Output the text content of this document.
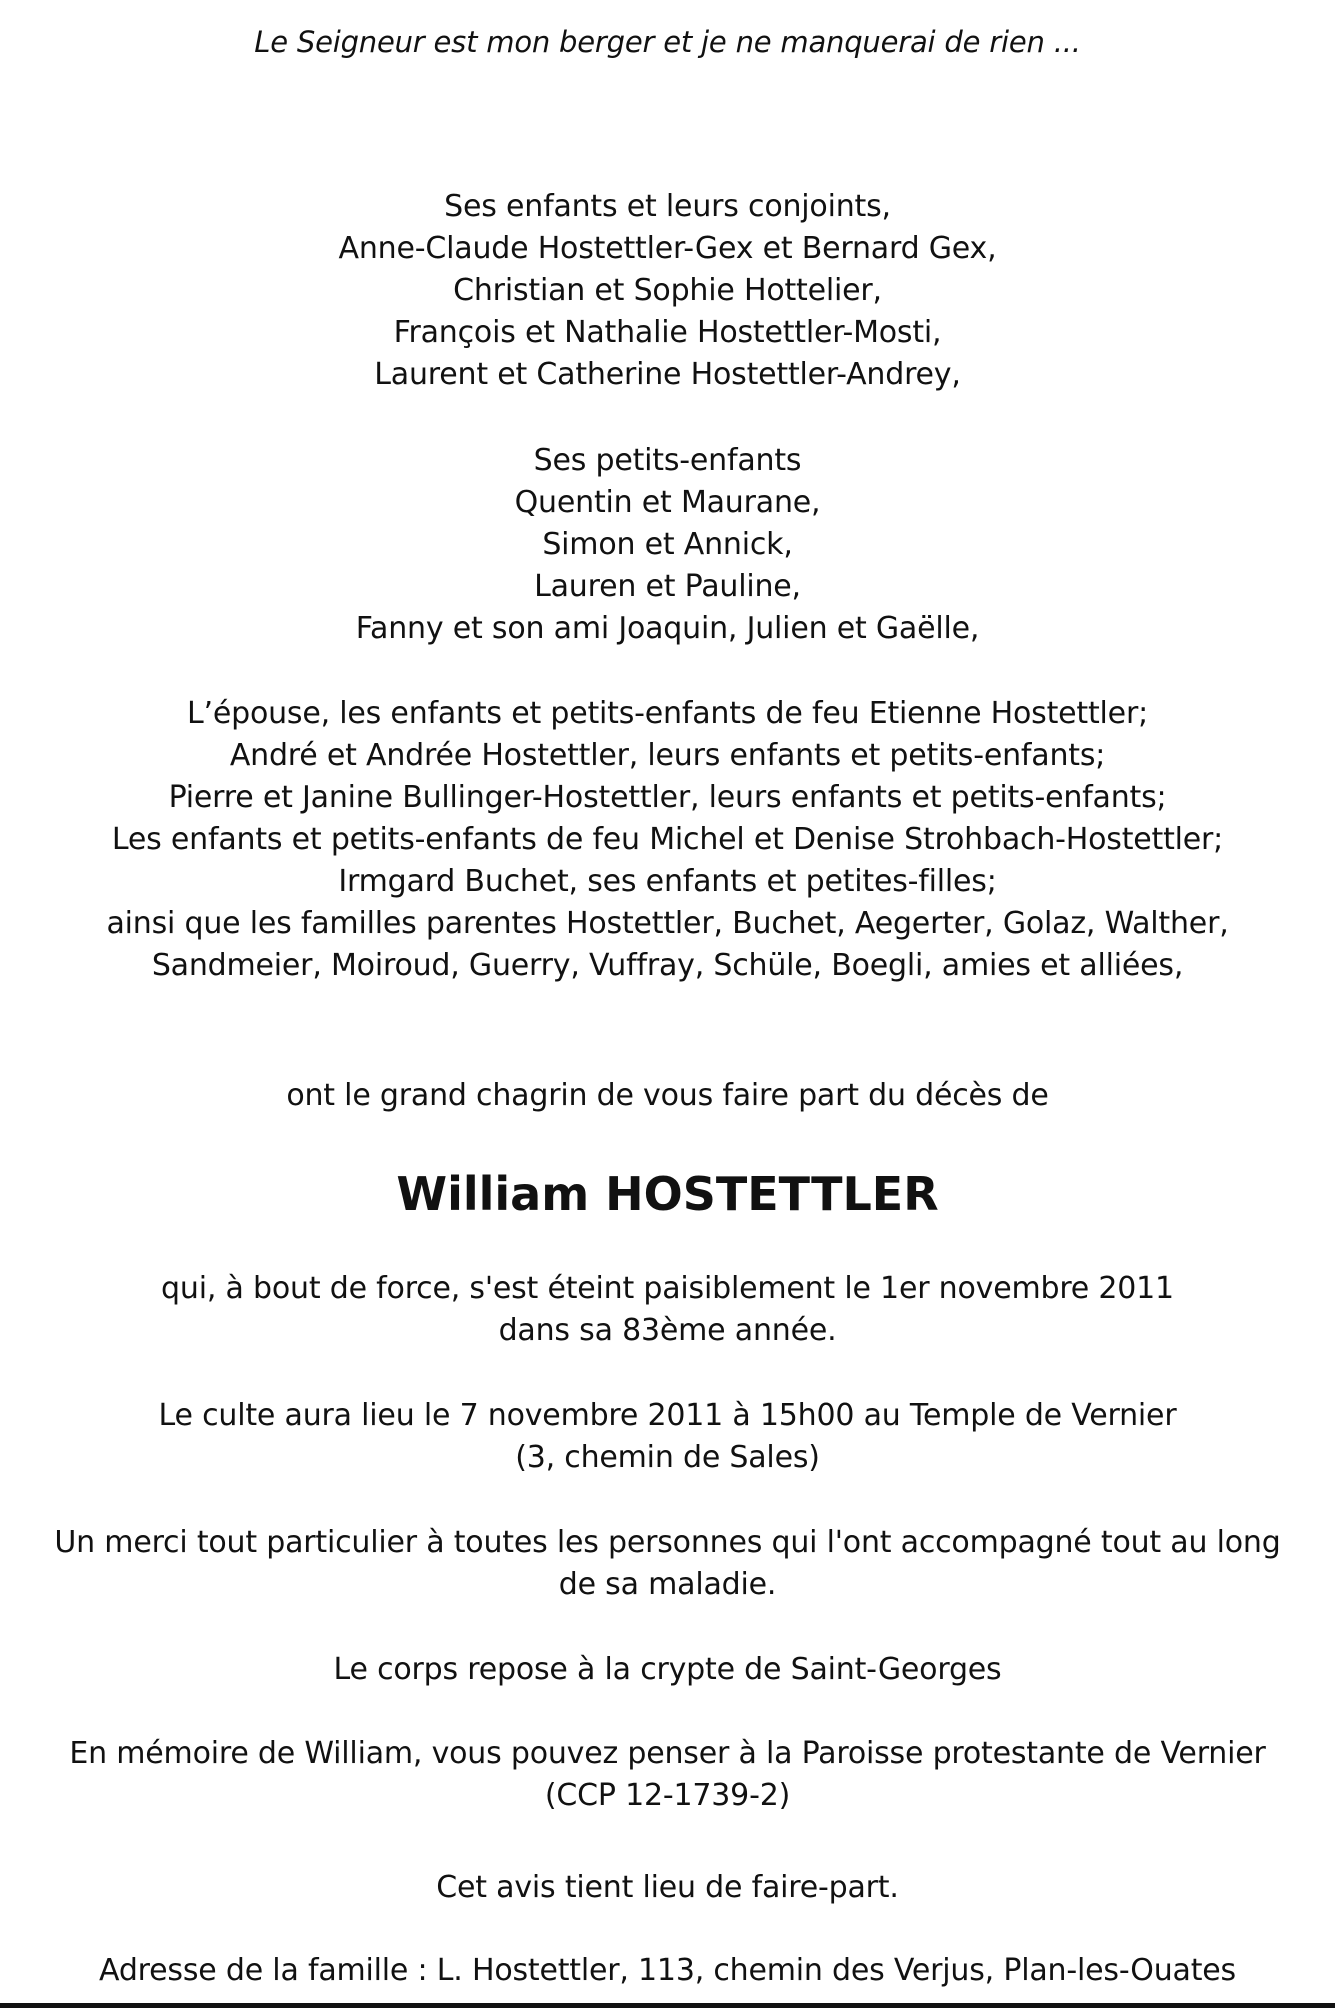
Le Seigneur est mon berger et je ne manquerai de rien ...
Ses enfants et leurs conjoints,
Anne-Claude Hostettler-Gex et Bernard Gex,
Christian et Sophie Hottelier,
François et Nathalie Hostettler-Mosti,
Laurent et Catherine Hostettler-Andrey,
Ses petits-enfants
Quentin et Maurane,
Simon et Annick,
Lauren et Pauline,
Fanny et son ami Joaquin, Julien et Gaëlle,
L’épouse, les enfants et petits-enfants de feu Etienne Hostettler;
André et Andrée Hostettler, leurs enfants et petits-enfants;
Pierre et Janine Bullinger-Hostettler, leurs enfants et petits-enfants;
Les enfants et petits-enfants de feu Michel et Denise Strohbach-Hostettler;
Irmgard Buchet, ses enfants et petites-filles;
ainsi que les familles parentes Hostettler, Buchet, Aegerter, Golaz, Walther,
Sandmeier, Moiroud, Guerry, Vuffray, Schüle, Boegli, amies et alliées,
ont le grand chagrin de vous faire part du décès de
William HOSTETTLER
qui, à bout de force, s'est éteint paisiblement le 1er novembre 2011
dans sa 83ème année.
Le culte aura lieu le 7 novembre 2011 à 15h00 au Temple de Vernier
(3, chemin de Sales)
Un merci tout particulier à toutes les personnes qui l'ont accompagné tout au long
de sa maladie.
Le corps repose à la crypte de Saint-Georges
En mémoire de William, vous pouvez penser à la Paroisse protestante de Vernier
(CCP 12-1739-2)
Cet avis tient lieu de faire-part.
Adresse de la famille : L. Hostettler, 113, chemin des Verjus, Plan-les-Ouates
